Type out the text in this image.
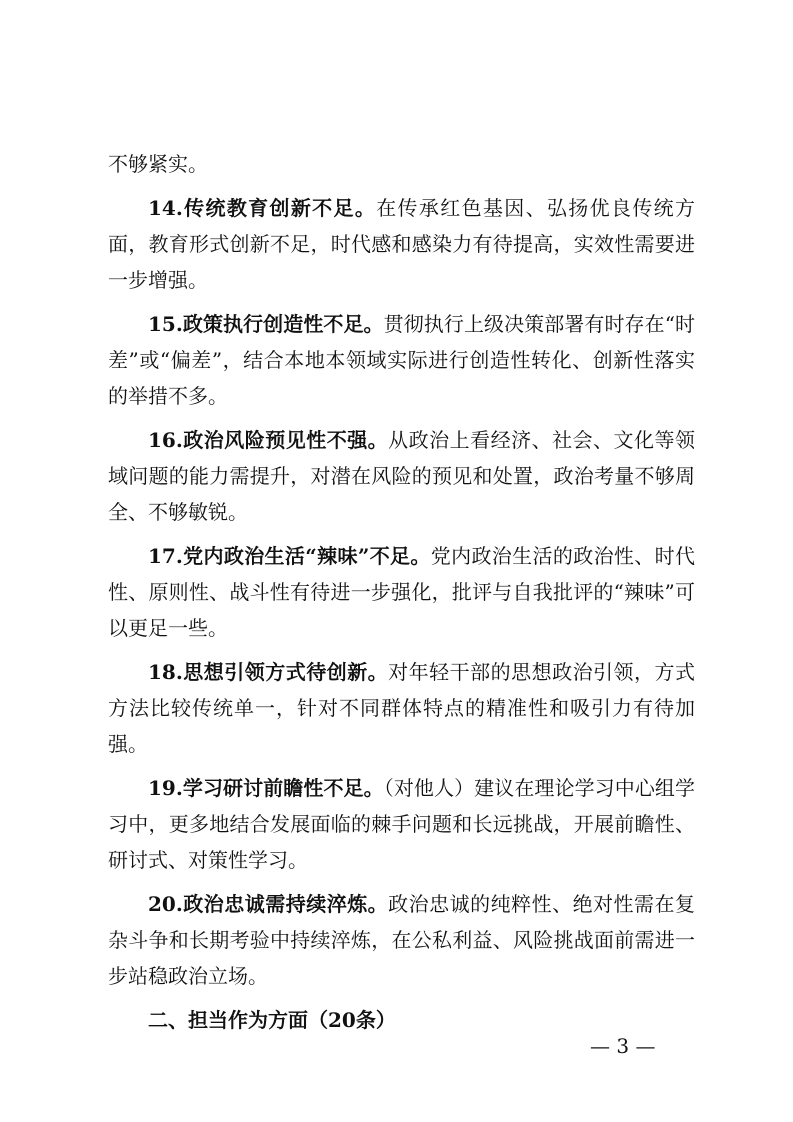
不够紧实。

14.传统教育创新不足。在传承红色基因、弘扬优良传统方面，教育形式创新不足，时代感和感染力有待提高，实效性需要进一步增强。

15.政策执行创造性不足。贯彻执行上级决策部署有时存在“时差”或“偏差”，结合本地本领域实际进行创造性转化、创新性落实的举措不多。

16.政治风险预见性不强。从政治上看经济、社会、文化等领域问题的能力需提升，对潜在风险的预见和处置，政治考量不够周全、不够敏锐。

17.党内政治生活“辣味”不足。党内政治生活的政治性、时代性、原则性、战斗性有待进一步强化，批评与自我批评的“辣味”可以更足一些。

18.思想引领方式待创新。对年轻干部的思想政治引领，方式方法比较传统单一，针对不同群体特点的精准性和吸引力有待加强。

19.学习研讨前瞻性不足。（对他人）建议在理论学习中心组学习中，更多地结合发展面临的棘手问题和长远挑战，开展前瞻性、研讨式、对策性学习。

20.政治忠诚需持续淬炼。政治忠诚的纯粹性、绝对性需在复杂斗争和长期考验中持续淬炼，在公私利益、风险挑战面前需进一步站稳政治立场。

二、担当作为方面（20条）

— 3 —
